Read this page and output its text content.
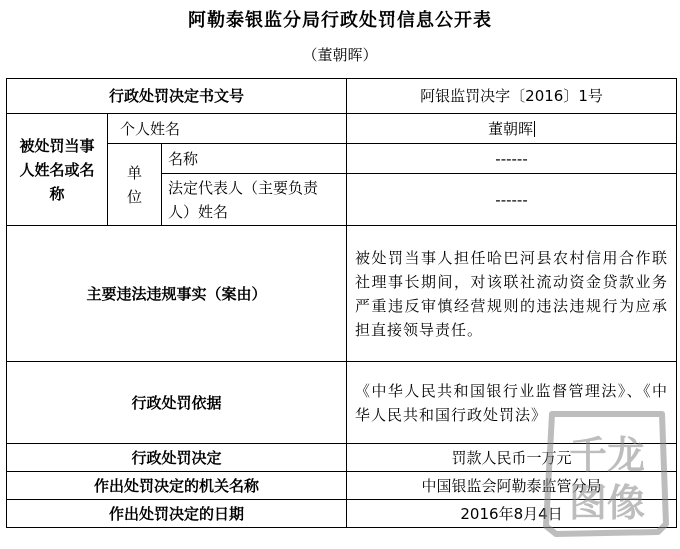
阿勒泰银监分局行政处罚信息公开表
（董朝晖）
行政处罚决定书文号			阿银监罚决字〔2016〕1号
被处罚当事人姓名或名称	个人姓名		董朝晖
	单位	名称	------
		法定代表人（主要负责人）姓名	------
主要违法违规事实（案由）			被处罚当事人担任哈巴河县农村信用合作联社理事长期间，对该联社流动资金贷款业务严重违反审慎经营规则的违法违规行为应承担直接领导责任。
行政处罚依据			《中华人民共和国银行业监督管理法》、《中华人民共和国行政处罚法》
行政处罚决定			罚款人民币一万元
作出处罚决定的机关名称			中国银监会阿勒泰监管分局
作出处罚决定的日期			2016年8月4日
千龙
图像
